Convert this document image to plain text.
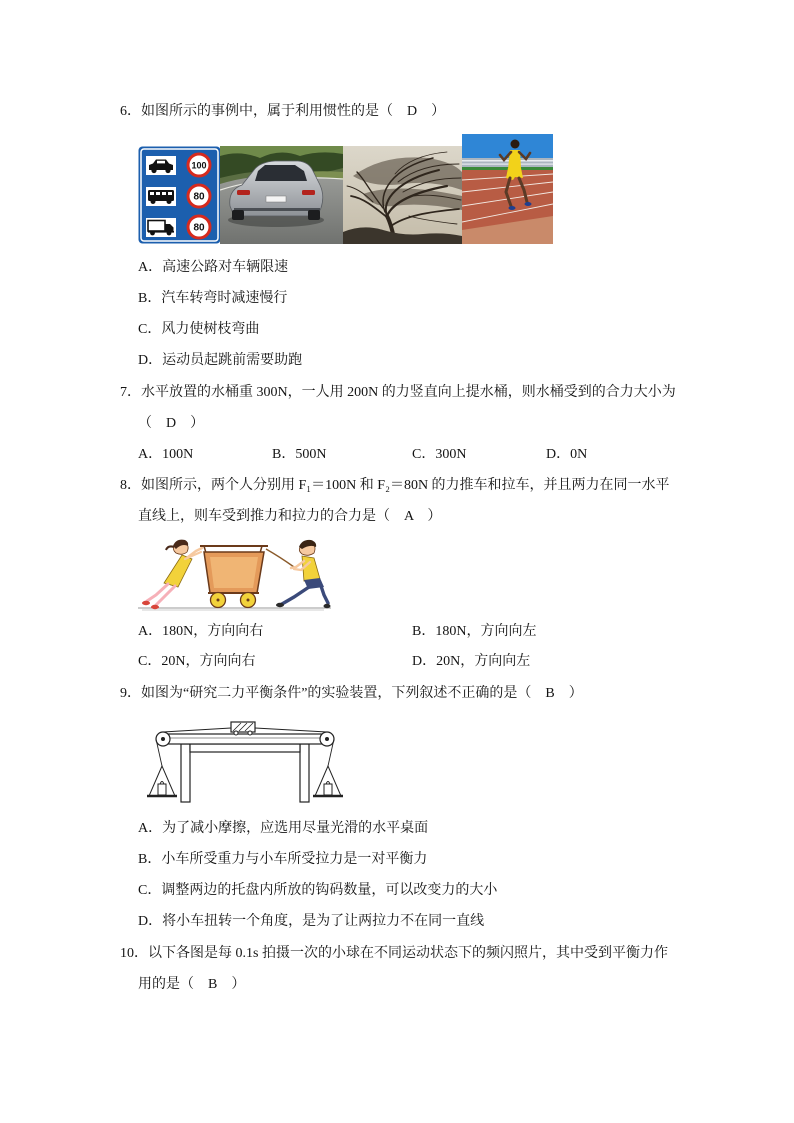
6．如图所示的事例中，属于利用惯性的是（　D　）
100
80
80
A．高速公路对车辆限速
B．汽车转弯时减速慢行
C．风力使树枝弯曲
D．运动员起跳前需要助跑
7．水平放置的水桶重 300N，一人用 200N 的力竖直向上提水桶，则水桶受到的合力大小为
（　D　）
A．100N	B．500N	C．300N	D．0N
8．如图所示，两个人分别用 F₁＝100N 和 F₂＝80N 的力推车和拉车，并且两力在同一水平
直线上，则车受到推力和拉力的合力是（　A　）
A．180N，方向向右	B．180N，方向向左
C．20N，方向向右	D．20N，方向向左
9．如图为“研究二力平衡条件”的实验装置，下列叙述不正确的是（　B　）
A．为了减小摩擦，应选用尽量光滑的水平桌面
B．小车所受重力与小车所受拉力是一对平衡力
C．调整两边的托盘内所放的钩码数量，可以改变力的大小
D．将小车扭转一个角度，是为了让两拉力不在同一直线
10．以下各图是每 0.1s 拍摄一次的小球在不同运动状态下的频闪照片，其中受到平衡力作
用的是（　B　）
